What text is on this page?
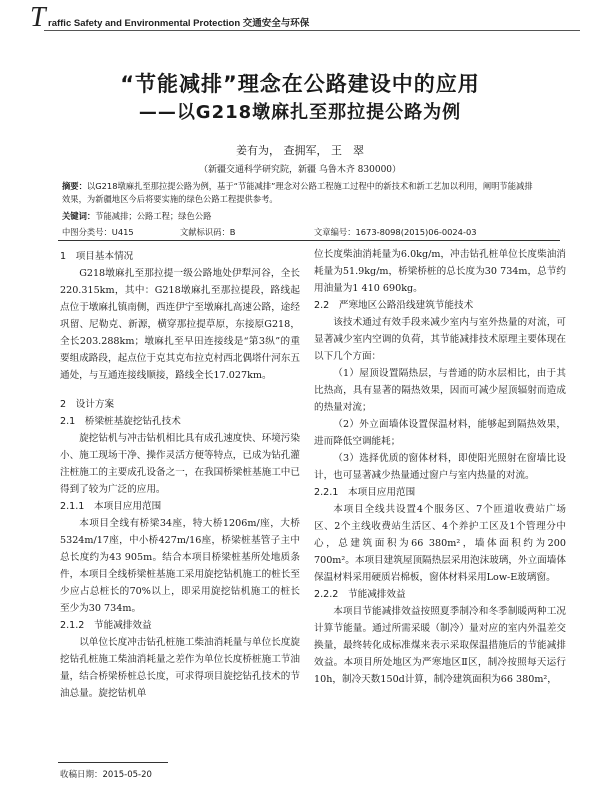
T raffic Safety and Environmental Protection 交通安全与环保
“节能减排”理念在公路建设中的应用
——以G218墩麻扎至那拉提公路为例
姜有为， 查拥军， 王　翠
（新疆交通科学研究院，新疆 乌鲁木齐 830000）
摘要：以G218墩麻扎至那拉提公路为例，基于“节能减排”理念对公路工程施工过程中的新技术和新工艺加以利用，阐明节能减排效果，为新疆地区今后将要实施的绿色公路工程提供参考。
关键词：节能减排；公路工程；绿色公路
中图分类号：U415	文献标识码：B	文章编号：1673-8098(2015)06-0024-03

1　项目基本情况

G218墩麻扎至那拉提一级公路地处伊犁河谷，全长220.315km，其中：G218墩麻扎至那拉提段，路线起点位于墩麻扎镇南侧，西连伊宁至墩麻扎高速公路，途经巩留、尼勒克、新源，横穿那拉提草原，东接原G218，全长203.288km；墩麻扎至早田连接线是“第3纵”的重要组成路段，起点位于克其克布拉克村西北偶塔什河东五通处，与互通连接线顺接，路线全长17.027km。

2　设计方案

2.1　桥梁桩基旋挖钻孔技术

旋挖钻机与冲击钻机相比具有成孔速度快、环境污染小、施工现场干净、操作灵活方便等特点，已成为钻孔灌注桩施工的主要成孔设备之一，在我国桥梁桩基施工中已得到了较为广泛的应用。

2.1.1　本项目应用范围

本项目全线有桥梁34座，特大桥1206m/座，大桥5324m/17座，中小桥427m/16座，桥梁桩基管子主中总长度约为43 905m。结合本项目桥梁桩基所处地质条件，本项目全线桥梁桩基施工采用旋挖钻机施工的桩长至少应占总桩长的70%以上，即采用旋挖钻机施工的桩长至少为30 734m。

2.1.2　节能减排效益

以单位长度冲击钻孔桩施工柴油消耗量与单位长度旋挖钻孔桩施工柴油消耗量之差作为单位长度桥桩施工节油量，结合桥梁桥桩总长度，可求得项目旋挖钻孔技术的节油总量。旋挖钻机单

位长度柴油消耗量为6.0kg/m，冲击钻孔桩单位长度柴油消耗量为51.9kg/m，桥梁桥桩的总长度为30 734m，总节约用油量为1 410 690kg。

2.2　严寒地区公路沿线建筑节能技术

该技术通过有效手段来减少室内与室外热量的对流，可显著减少室内空调的负荷，其节能减排技术原理主要体现在以下几个方面：

（1）屋顶设置隔热层，与普通的防水层相比，由于其比热高，具有显著的隔热效果，因而可减少屋顶辐射而造成的热量对流；

（2）外立面墙体设置保温材料，能够起到隔热效果，进而降低空调能耗；

（3）选择优质的窗体材料，即使阳光照射在窗墙比设计，也可显著减少热量通过窗户与室内热量的对流。

2.2.1　本项目应用范围

本项目全线共设置4个服务区、7个匝道收费站广场区、2个主线收费站生活区、4个养护工区及1个管理分中心，总建筑面积为66 380m²，墙体面积约为200 700m²。本项目建筑屋顶隔热层采用泡沫玻璃，外立面墙体保温材料采用硬质岩棉板，窗体材料采用Low-E玻璃窗。

2.2.2　节能减排效益

本项目节能减排效益按照夏季制冷和冬季制暖两种工况计算节能量。通过所需采暖（制冷）量对应的室内外温差交换量，最终转化成标准煤来表示采取保温措施后的节能减排效益。本项目所处地区为严寒地区Ⅱ区，制冷按照每天运行10h，制冷天数150d计算，制冷建筑面积为66 380m²，

收稿日期：2015-05-20
